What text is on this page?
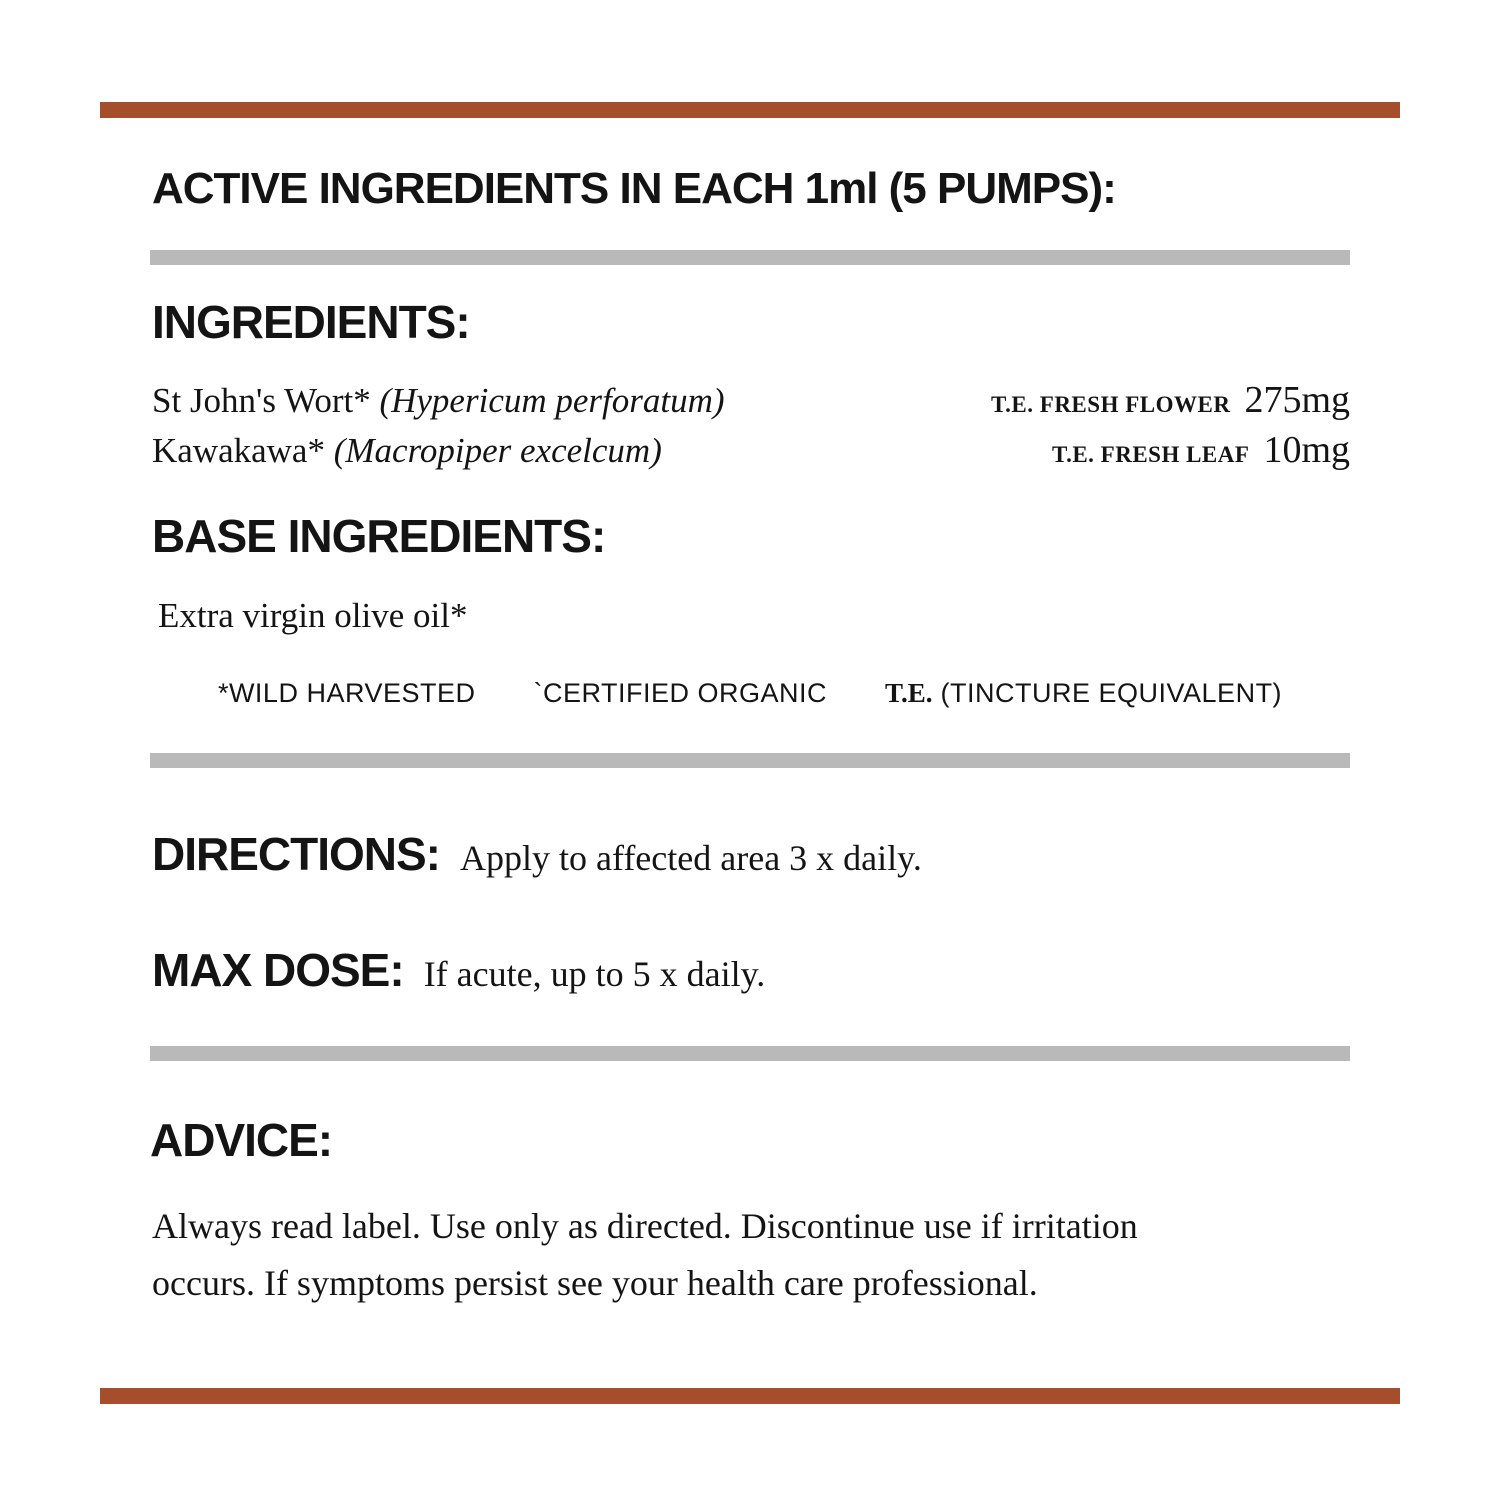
ACTIVE INGREDIENTS IN EACH 1ml (5 PUMPS):
INGREDIENTS:
St John's Wort* (Hypericum perforatum)	T.E. FRESH FLOWER 275mg
Kawakawa* (Macropiper excelcum)	T.E. FRESH LEAF 10mg
BASE INGREDIENTS:
Extra virgin olive oil*
*WILD HARVESTED `CERTIFIED ORGANIC T.E. (TINCTURE EQUIVALENT)
DIRECTIONS: Apply to affected area 3 x daily.
MAX DOSE: If acute, up to 5 x daily.
ADVICE:
Always read label. Use only as directed. Discontinue use if irritation
occurs. If symptoms persist see your health care professional.
